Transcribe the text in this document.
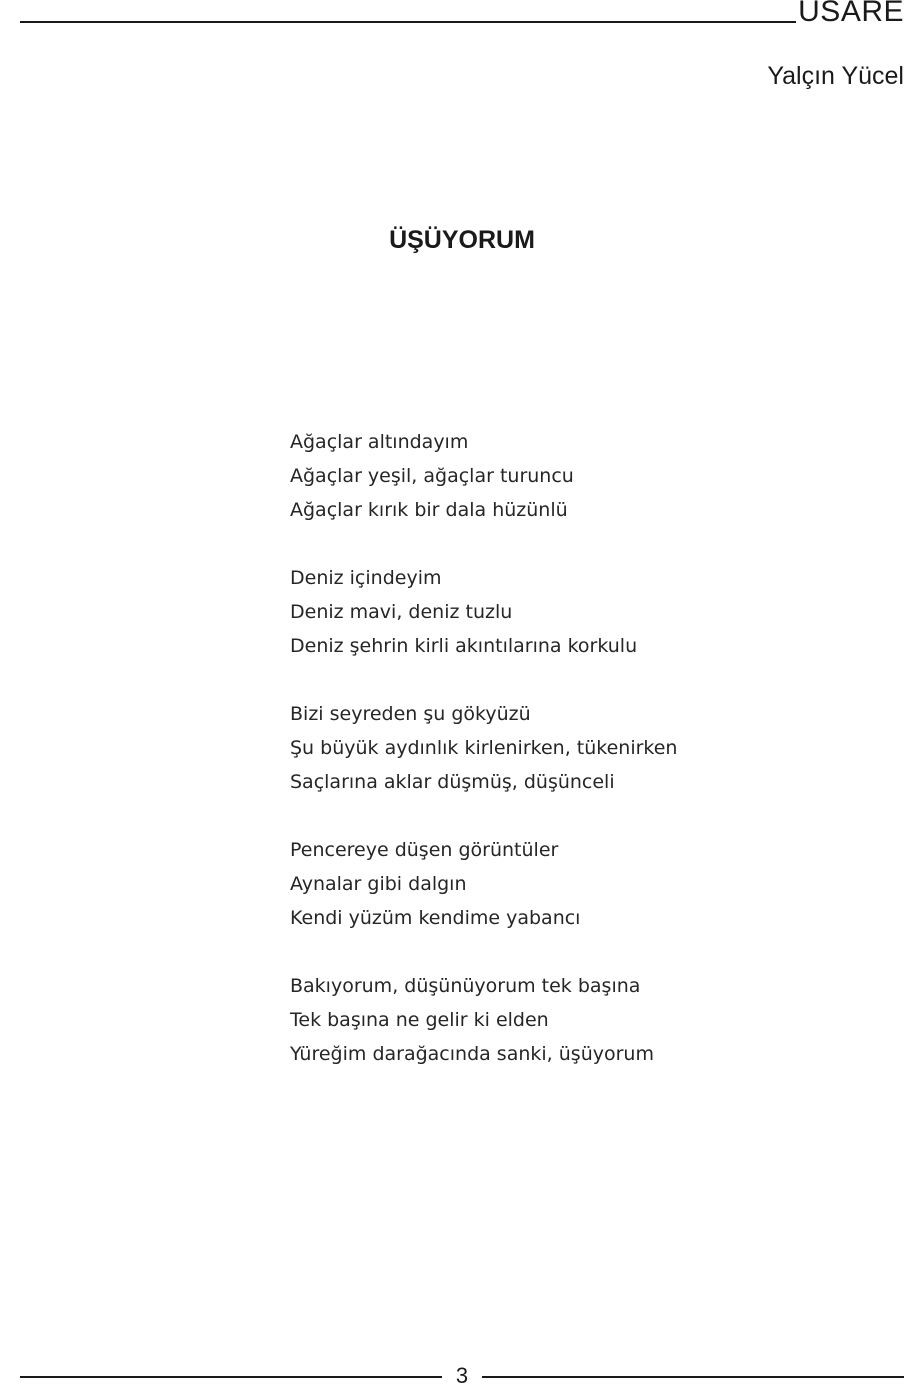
USARE
Yalçın Yücel
ÜŞÜYORUM
Ağaçlar altındayım
Ağaçlar yeşil, ağaçlar turuncu
Ağaçlar kırık bir dala hüzünlü
Deniz içindeyim
Deniz mavi, deniz tuzlu
Deniz şehrin kirli akıntılarına korkulu
Bizi seyreden şu gökyüzü
Şu büyük aydınlık kirlenirken, tükenirken
Saçlarına aklar düşmüş, düşünceli
Pencereye düşen görüntüler
Aynalar gibi dalgın
Kendi yüzüm kendime yabancı
Bakıyorum, düşünüyorum tek başına
Tek başına ne gelir ki elden
Yüreğim darağacında sanki, üşüyorum
3
